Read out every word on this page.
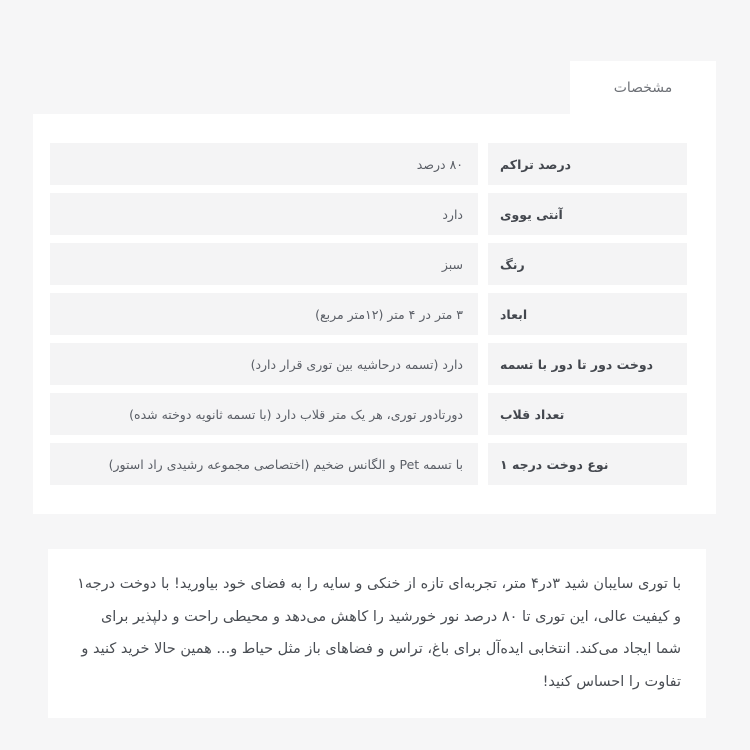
مشخصات
۸۰ درصد	درصد تراکم
دارد	آنتی یووی
سبز	رنگ
۳ متر در ۴ متر (۱۲متر مربع)	ابعاد
دارد (تسمه درحاشیه بین توری قرار دارد)	دوخت دور تا دور با تسمه
دورتادور توری، هر یک متر قلاب دارد (با تسمه ثانویه دوخته شده)	تعداد قلاب
با تسمه Pet و الگانس ضخیم (اختصاصی مجموعه رشیدی راد استور)	نوع دوخت درجه ۱
با توری سایبان شید ۳در۴ متر، تجربه‌ای تازه از خنکی و سایه را به فضای خود بیاورید! با دوخت درجه۱ و کیفیت عالی، این توری تا ۸۰ درصد نور خورشید را کاهش می‌دهد و محیطی راحت و دلپذیر برای شما ایجاد می‌کند. انتخابی ایده‌آل برای باغ، تراس و فضاهای باز مثل حیاط و... همین حالا خرید کنید و تفاوت را احساس کنید!
